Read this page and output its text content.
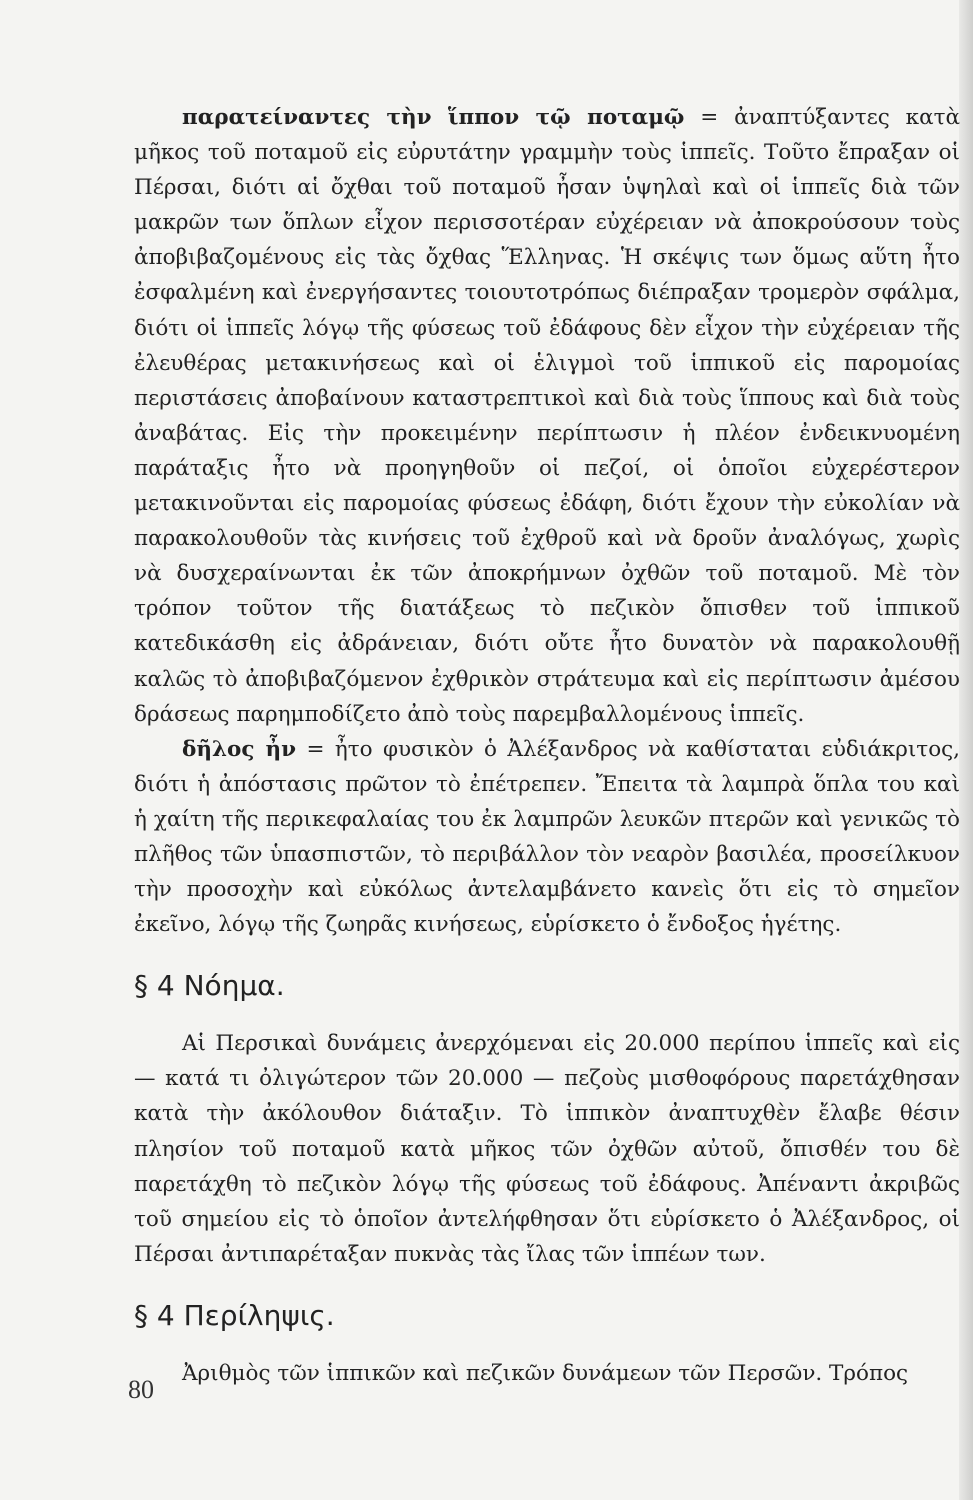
παρατείναντες τὴν ἵππον τῷ ποταμῷ = ἀναπτύξαντες κατὰ μῆκος τοῦ ποταμοῦ εἰς εὐρυτάτην γραμμὴν τοὺς ἱππεῖς. Τοῦτο ἔπραξαν οἱ Πέρσαι, διότι αἱ ὄχθαι τοῦ ποταμοῦ ἦσαν ὑψηλαὶ καὶ οἱ ἱππεῖς διὰ τῶν μακρῶν των ὅπλων εἶχον περισσοτέραν εὐχέρειαν νὰ ἀποκρούσουν τοὺς ἀποβιβαζομένους εἰς τὰς ὄχθας Ἕλληνας. Ἡ σκέψις των ὅμως αὕτη ἦτο ἐσφαλμένη καὶ ἐνεργήσαντες τοιουτοτρόπως διέπραξαν τρομερὸν σφάλμα, διότι οἱ ἱππεῖς λόγῳ τῆς φύσεως τοῦ ἐδάφους δὲν εἶχον τὴν εὐχέρειαν τῆς ἐλευθέρας μετακινήσεως καὶ οἱ ἑλιγμοὶ τοῦ ἱππικοῦ εἰς παρομοίας περιστάσεις ἀποβαίνουν καταστρεπτικοὶ καὶ διὰ τοὺς ἵππους καὶ διὰ τοὺς ἀναβάτας. Εἰς τὴν προκειμένην περίπτωσιν ἡ πλέον ἐνδεικνυομένη παράταξις ἦτο νὰ προηγηθοῦν οἱ πεζοί, οἱ ὁποῖοι εὐχερέστερον μετακινοῦνται εἰς παρομοίας φύσεως ἐδάφη, διότι ἔχουν τὴν εὐκολίαν νὰ παρακολουθοῦν τὰς κινήσεις τοῦ ἐχθροῦ καὶ νὰ δροῦν ἀναλόγως, χωρὶς νὰ δυσχεραίνωνται ἐκ τῶν ἀποκρήμνων ὀχθῶν τοῦ ποταμοῦ. Μὲ τὸν τρόπον τοῦτον τῆς διατάξεως τὸ πεζικὸν ὄπισθεν τοῦ ἱππικοῦ κατεδικάσθη εἰς ἀδράνειαν, διότι οὔτε ἦτο δυνατὸν νὰ παρακολουθῇ καλῶς τὸ ἀποβιβαζόμενον ἐχθρικὸν στράτευμα καὶ εἰς περίπτωσιν ἀμέσου δράσεως παρημποδίζετο ἀπὸ τοὺς παρεμβαλλομένους ἱππεῖς.

δῆλος ἦν = ἦτο φυσικὸν ὁ Ἀλέξανδρος νὰ καθίσταται εὐδιάκριτος, διότι ἡ ἀπόστασις πρῶτον τὸ ἐπέτρεπεν. Ἔπειτα τὰ λαμπρὰ ὅπλα του καὶ ἡ χαίτη τῆς περικεφαλαίας του ἐκ λαμπρῶν λευκῶν πτερῶν καὶ γενικῶς τὸ πλῆθος τῶν ὑπασπιστῶν, τὸ περιβάλλον τὸν νεαρὸν βασιλέα, προσείλκυον τὴν προσοχὴν καὶ εὐκόλως ἀντελαμβάνετο κανεὶς ὅτι εἰς τὸ σημεῖον ἐκεῖνο, λόγῳ τῆς ζωηρᾶς κινήσεως, εὑρίσκετο ὁ ἔνδοξος ἡγέτης.

§ 4 Νόημα.

Αἱ Περσικαὶ δυνάμεις ἀνερχόμεναι εἰς 20.000 περίπου ἱππεῖς καὶ εἰς — κατά τι ὀλιγώτερον τῶν 20.000 — πεζοὺς μισθοφόρους παρετάχθησαν κατὰ τὴν ἀκόλουθον διάταξιν. Τὸ ἱππικὸν ἀναπτυχθὲν ἔλαβε θέσιν πλησίον τοῦ ποταμοῦ κατὰ μῆκος τῶν ὀχθῶν αὐτοῦ, ὄπισθέν του δὲ παρετάχθη τὸ πεζικὸν λόγῳ τῆς φύσεως τοῦ ἐδάφους. Ἀπέναντι ἀκριβῶς τοῦ σημείου εἰς τὸ ὁποῖον ἀντελήφθησαν ὅτι εὑρίσκετο ὁ Ἀλέξανδρος, οἱ Πέρσαι ἀντιπαρέταξαν πυκνὰς τὰς ἴλας τῶν ἱππέων των.

§ 4 Περίληψις.

Ἀριθμὸς τῶν ἱππικῶν καὶ πεζικῶν δυνάμεων τῶν Περσῶν. Τρόπος

80
